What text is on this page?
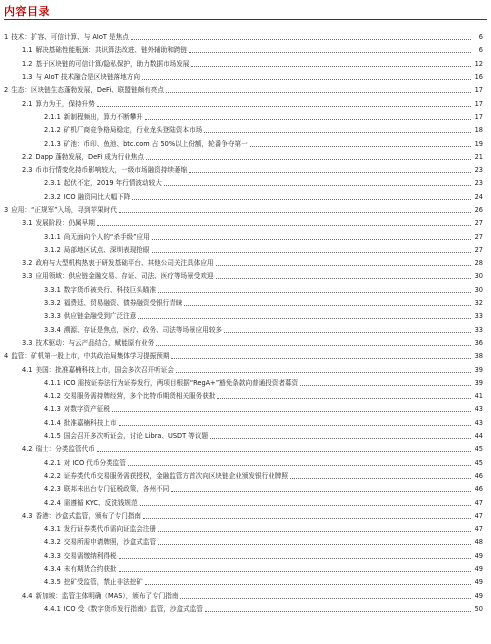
内容目录
1 技术：扩容、可信计算、与 AIoT 是焦点	6
1.1 解决基础性能瓶颈：共识算法改进、链外辅助和跨链	6
1.2 基于区块链的可信计算/隐私保护，助力数据市场发展	12
1.3 与 AIoT 技术融合是区块链落地方向	16
2 生态：区块链生态蓬勃发展，DeFi、联盟链颇有亮点	17
2.1 算力为王，保持升势	17
2.1.1 新制程频出，算力不断攀升	17
2.1.2 矿机厂商竞争格局稳定，行业龙头登陆资本市场	18
2.1.3 矿池：币印、鱼池、btc.com 占 50%以上份额，轮番争夺第一	19
2.2 Dapp 蓬勃发展，DeFi 成为行业焦点	21
2.3 币市行情变化持币影响较大，一级市场融资持续萎缩	23
2.3.1 起伏不定，2019 年行情波动较大	23
2.3.2 ICO 融资同比大幅下降	24
3 应用：“正规军”入场，寻到苹果时代	26
3.1 发展阶段：仍属早期	27
3.1.1 尚无面向个人的“杀手级”应用	27
3.1.2 局部地区试点、深圳表现抢眼	27
3.2 政府与大型机构热衷于研发基础平台、其他公司关注具体应用	28
3.3 应用领域：供应链金融交易、存证、司法、医疗等场景受欢迎	30
3.3.1 数字货币被央行、科技巨头瞄准	30
3.3.2 福费廷、贸易融资、债券融资受银行青睐	32
3.3.3 供应链金融受到广泛注意	33
3.3.4 溯源、存证是焦点，医疗、政务、司法等场景应用较多	33
3.3 技术驱动：与云产品结合，赋能原有业务	36
4 监管：矿机第一股上市，中共政治局集体学习提振预期	38
4.1 美国：批准嘉楠科技上市，国会多次召开听证会	39
4.1.1 ICO 需按证券法行为证券发行，两项目根据“RegA+”豁免条款向普通投资者募资	39
4.1.2 交易服务需持牌经营，多个比特币期货相关服务获批	41
4.1.3 对数字资产征税	43
4.1.4 批准嘉楠科技上市	43
4.1.5 国会召开多次听证会，讨论 Libra、USDT 等议题	44
4.2 瑞士：分类监管代币	45
4.2.1 对 ICO 代币分类监管	45
4.2.2 证券类代币交易服务需获授权，金融监管方首次向区块链企业颁发银行业牌照	46
4.2.3 联邦未出台专门征税政策，各州不同	46
4.2.4 需遵循 KYC、反洗钱规范	47
4.3 香港：沙盒式监管，颁布了专门指南	47
4.3.1 发行证券类代币需向证监会注册	47
4.3.2 交易所需申请牌照，沙盒式监管	48
4.3.3 交易需缴纳利得税	49
4.3.4 未有期货合约获批	49
4.3.5 挖矿受监管，禁止非法挖矿	49
4.4 新加坡：监管主体明确（MAS），颁布了专门指南	49
4.4.1 ICO 受《数字货币发行指南》监管，沙盒式监管	50
